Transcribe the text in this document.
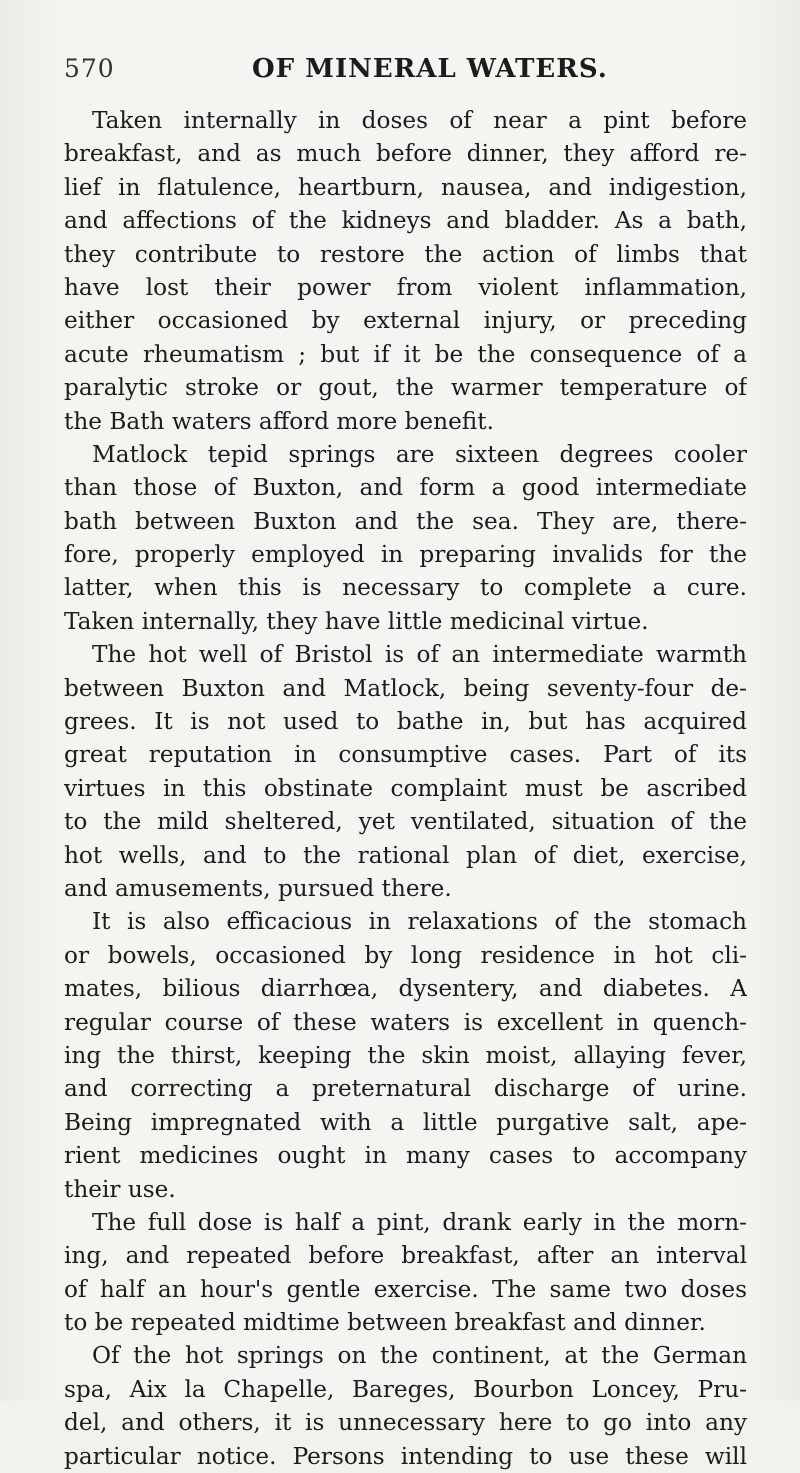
570	OF MINERAL WATERS.
Taken internally in doses of near a pint before
breakfast, and as much before dinner, they afford re-
lief in flatulence, heartburn, nausea, and indigestion,
and affections of the kidneys and bladder. As a bath,
they contribute to restore the action of limbs that
have lost their power from violent inflammation,
either occasioned by external injury, or preceding
acute rheumatism ; but if it be the consequence of a
paralytic stroke or gout, the warmer temperature of
the Bath waters afford more benefit.
Matlock tepid springs are sixteen degrees cooler
than those of Buxton, and form a good intermediate
bath between Buxton and the sea. They are, there-
fore, properly employed in preparing invalids for the
latter, when this is necessary to complete a cure.
Taken internally, they have little medicinal virtue.
The hot well of Bristol is of an intermediate warmth
between Buxton and Matlock, being seventy-four de-
grees. It is not used to bathe in, but has acquired
great reputation in consumptive cases. Part of its
virtues in this obstinate complaint must be ascribed
to the mild sheltered, yet ventilated, situation of the
hot wells, and to the rational plan of diet, exercise,
and amusements, pursued there.
It is also efficacious in relaxations of the stomach
or bowels, occasioned by long residence in hot cli-
mates, bilious diarrhœa, dysentery, and diabetes. A
regular course of these waters is excellent in quench-
ing the thirst, keeping the skin moist, allaying fever,
and correcting a preternatural discharge of urine.
Being impregnated with a little purgative salt, ape-
rient medicines ought in many cases to accompany
their use.
The full dose is half a pint, drank early in the morn-
ing, and repeated before breakfast, after an interval
of half an hour's gentle exercise. The same two doses
to be repeated midtime between breakfast and dinner.
Of the hot springs on the continent, at the German
spa, Aix la Chapelle, Bareges, Bourbon Loncey, Pru-
del, and others, it is unnecessary here to go into any
particular notice. Persons intending to use these will
